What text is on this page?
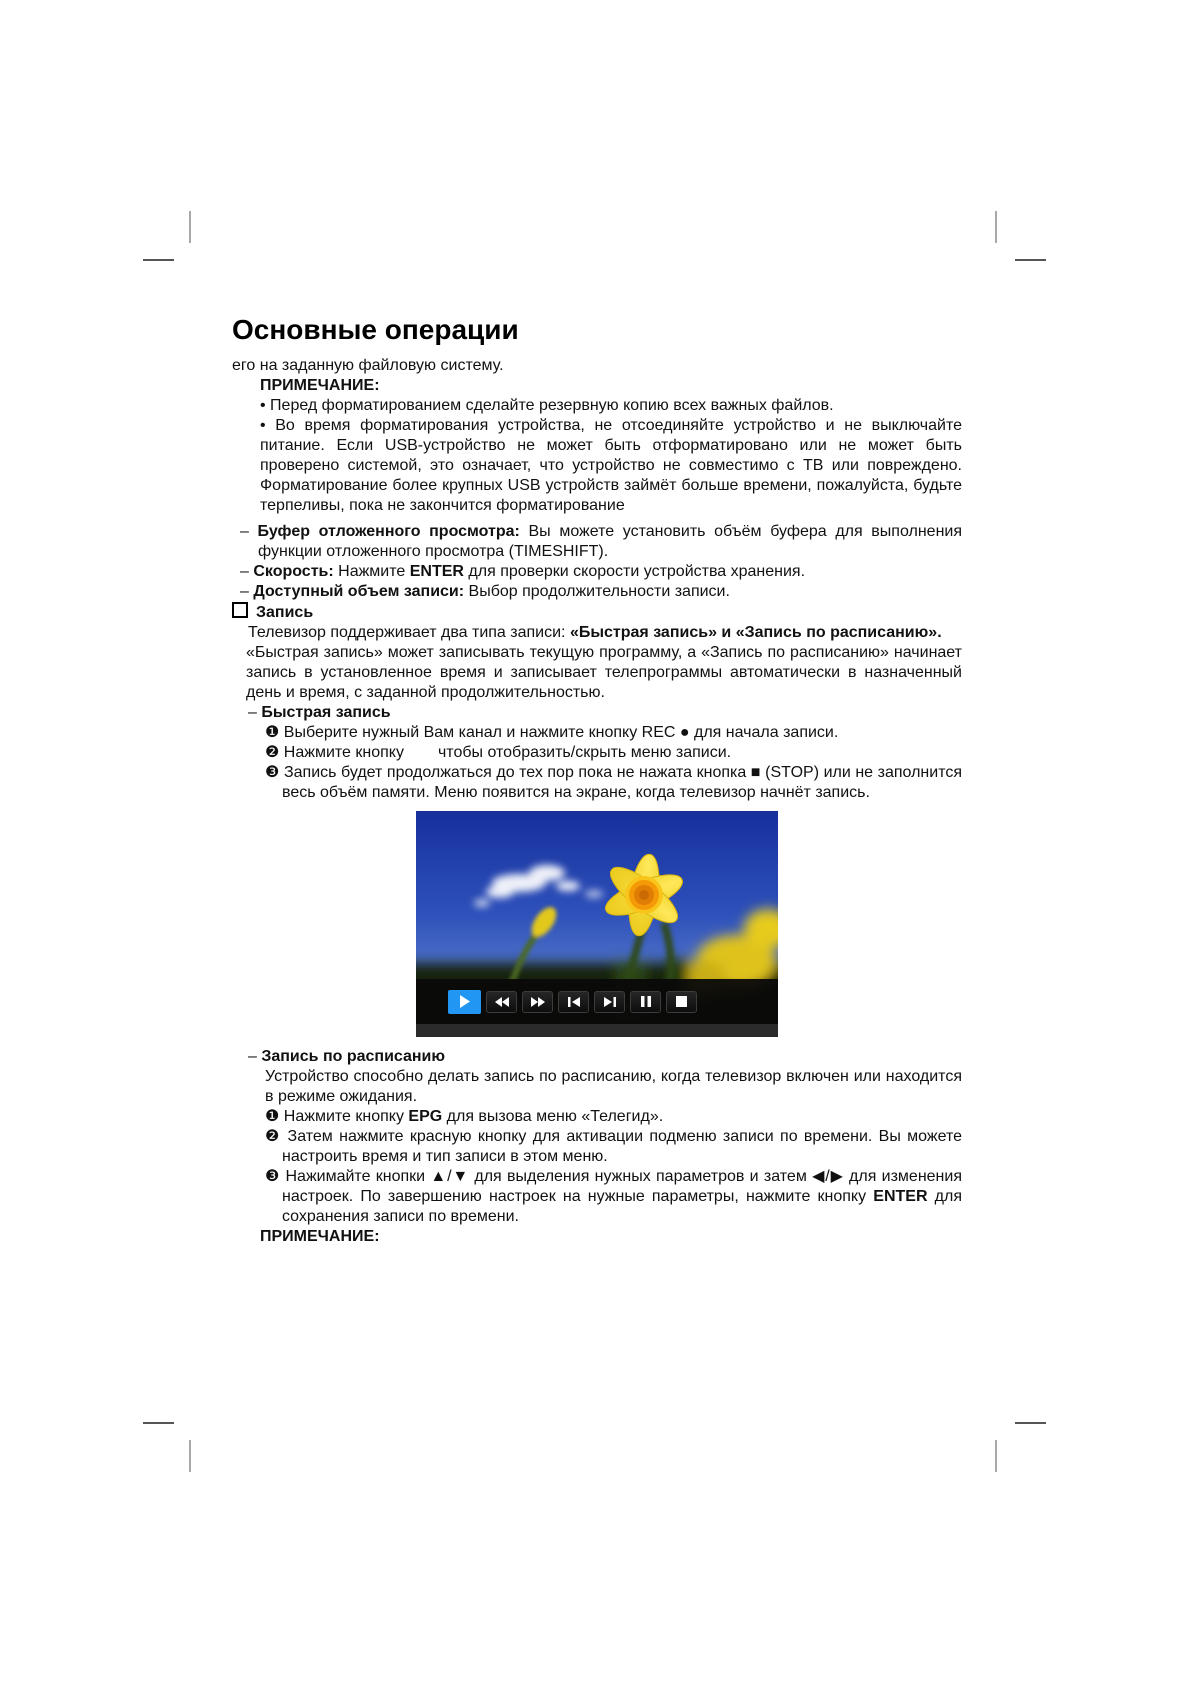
Основные операции

его на заданную файловую систему.

ПРИМЕЧАНИЕ:

• Перед форматированием сделайте резервную копию всех важных файлов.

• Во время форматирования устройства, не отсоединяйте устройство и не выключайте питание. Если USB-устройство не может быть отформатировано или не может быть проверено системой, это означает, что устройство не совместимо с ТВ или повреждено. Форматирование более крупных USB устройств займёт больше времени, пожалуйста, будьте терпеливы, пока не закончится форматирование

– Буфер отложенного просмотра: Вы можете установить объём буфера для выполнения функции отложенного просмотра (TIMESHIFT).

– Скорость: Нажмите ENTER для проверки скорости устройства хранения.

– Доступный объем записи: Выбор продолжительности записи.

Запись

Телевизор поддерживает два типа записи: «Быстрая запись» и «Запись по расписанию».

«Быстрая запись» может записывать текущую программу, а «Запись по расписанию» начинает запись в установленное время и записывает телепрограммы автоматически в назначенный день и время, с заданной продолжительностью.

– Быстрая запись

❶ Выберите нужный Вам канал и нажмите кнопку REC ● для начала записи.

❷ Нажмите кнопку чтобы отобразить/скрыть меню записи.

❸ Запись будет продолжаться до тех пор пока не нажата кнопка ■ (STOP) или не заполнится весь объём памяти. Меню появится на экране, когда телевизор начнёт запись.

– Запись по расписанию

Устройство способно делать запись по расписанию, когда телевизор включен или находится в режиме ожидания.

❶ Нажмите кнопку EPG для вызова меню «Телегид».

❷ Затем нажмите красную кнопку для активации подменю записи по времени. Вы можете настроить время и тип записи в этом меню.

❸ Нажимайте кнопки ▲/▼ для выделения нужных параметров и затем ◀/▶ для изменения настроек. По завершению настроек на нужные параметры, нажмите кнопку ENTER для сохранения записи по времени.

ПРИМЕЧАНИЕ:
